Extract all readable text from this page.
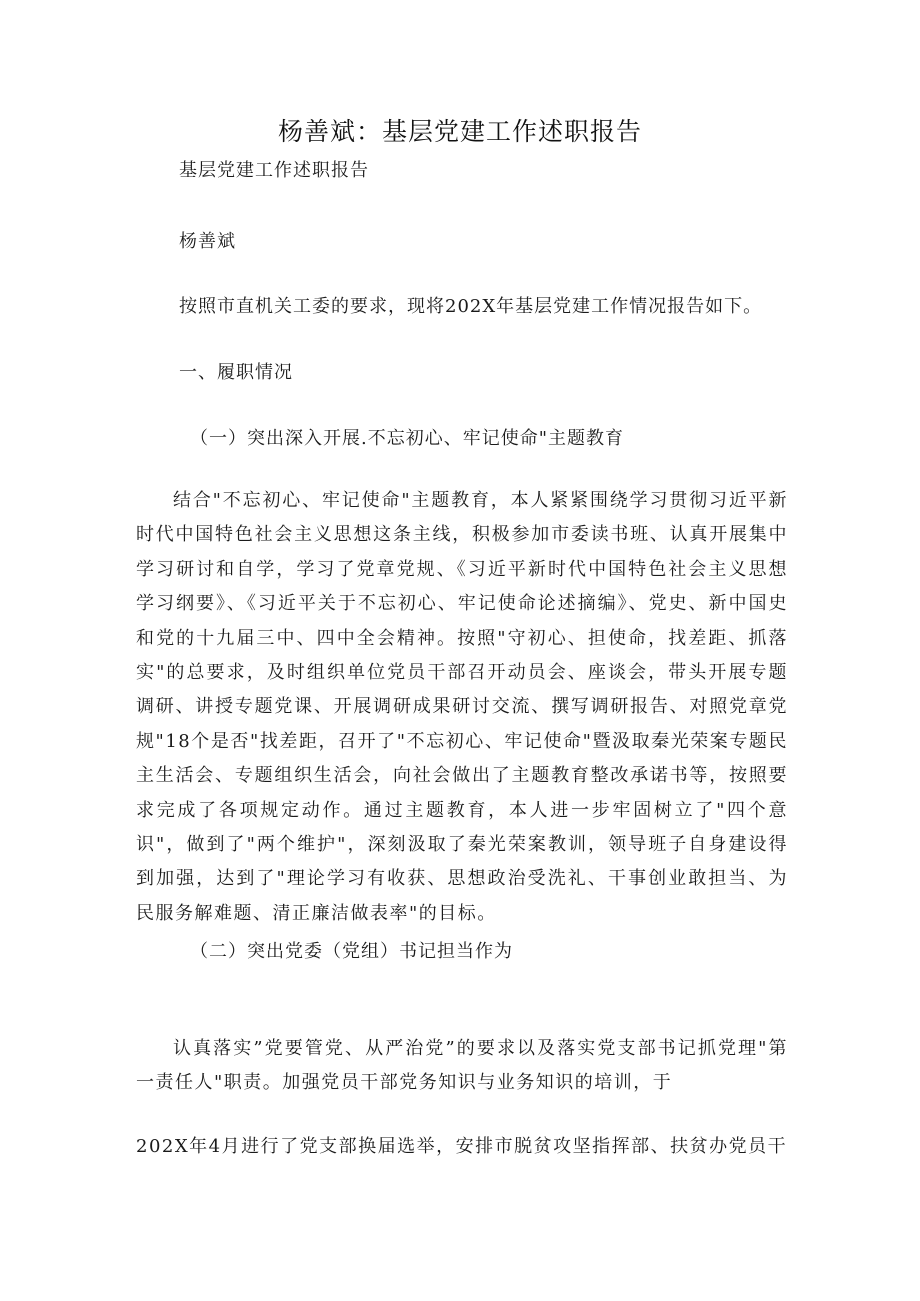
杨善斌：基层党建工作述职报告

基层党建工作述职报告

杨善斌

按照市直机关工委的要求，现将202X年基层党建工作情况报告如下。

一、履职情况

（一）突出深入开展.不忘初心、牢记使命"主题教育

结合"不忘初心、牢记使命"主题教育，本人紧紧围绕学习贯彻习近平新时代中国特色社会主义思想这条主线，积极参加市委读书班、认真开展集中学习研讨和自学，学习了党章党规、《习近平新时代中国特色社会主义思想学习纲要》、《习近平关于不忘初心、牢记使命论述摘编》、党史、新中国史和党的十九届三中、四中全会精神。按照"守初心、担使命，找差距、抓落实"的总要求，及时组织单位党员干部召开动员会、座谈会，带头开展专题调研、讲授专题党课、开展调研成果研讨交流、撰写调研报告、对照党章党规"18个是否"找差距，召开了"不忘初心、牢记使命"暨汲取秦光荣案专题民主生活会、专题组织生活会，向社会做出了主题教育整改承诺书等，按照要求完成了各项规定动作。通过主题教育，本人进一步牢固树立了"四个意识"，做到了"两个维护"，深刻汲取了秦光荣案教训，领导班子自身建设得到加强，达到了"理论学习有收获、思想政治受洗礼、干事创业敢担当、为民服务解难题、清正廉洁做表率"的目标。

（二）突出党委（党组）书记担当作为

认真落实”党要管党、从严治党”的要求以及落实党支部书记抓党理"第一责任人"职责。加强党员干部党务知识与业务知识的培训，于

202X年4月进行了党支部换届选举，安排市脱贫攻坚指挥部、扶贫办党员干
